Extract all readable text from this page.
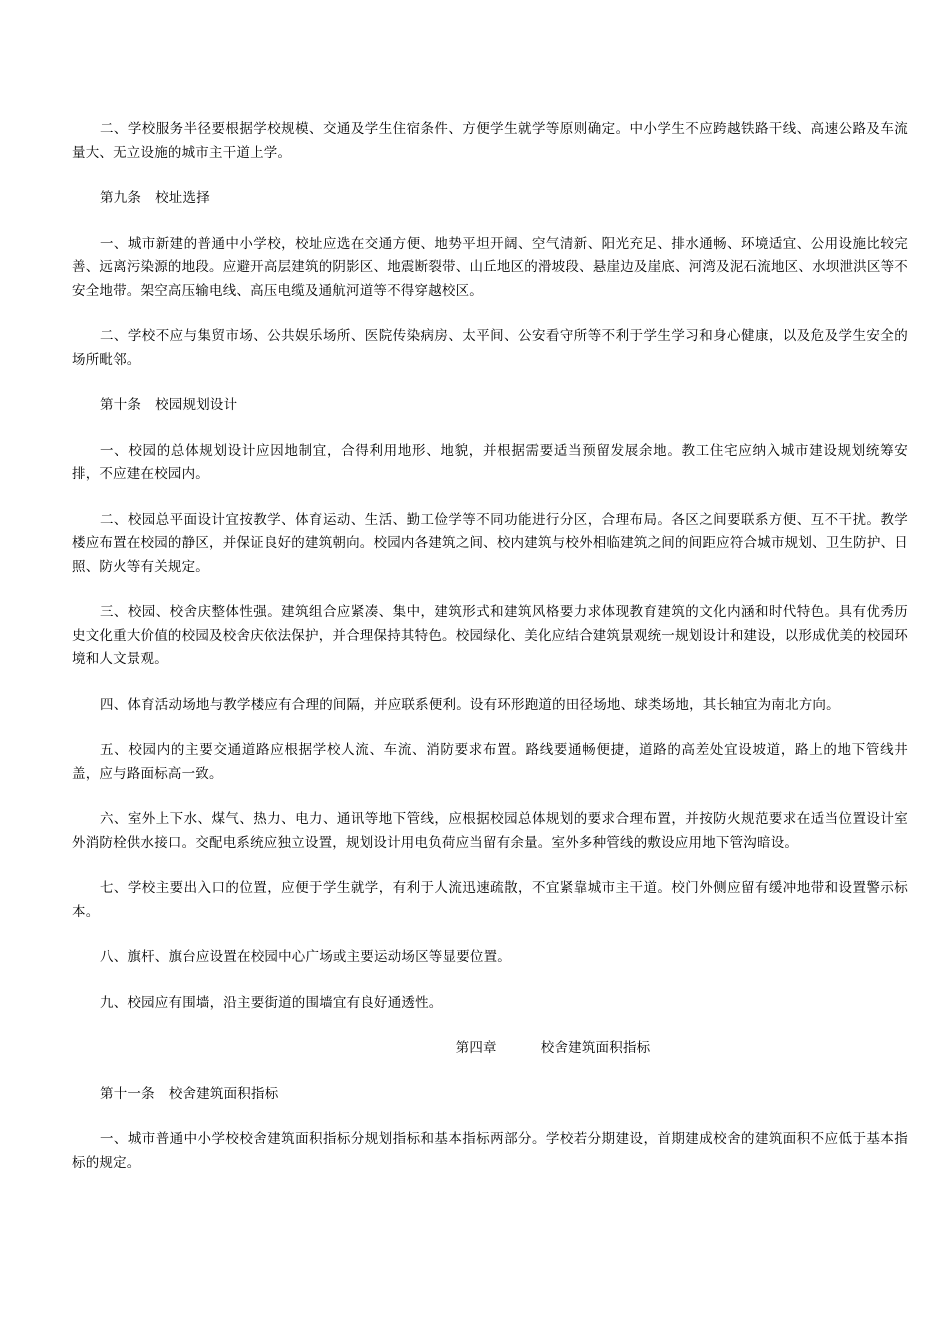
二、学校服务半径要根据学校规模、交通及学生住宿条件、方便学生就学等原则确定。中小学生不应跨越铁路干线、高速公路及车流量大、无立设施的城市主干道上学。

第九条 校址选择

一、城市新建的普通中小学校，校址应选在交通方便、地势平坦开阔、空气清新、阳光充足、排水通畅、环境适宜、公用设施比较完善、远离污染源的地段。应避开高层建筑的阴影区、地震断裂带、山丘地区的滑坡段、悬崖边及崖底、河湾及泥石流地区、水坝泄洪区等不安全地带。架空高压输电线、高压电缆及通航河道等不得穿越校区。

二、学校不应与集贸市场、公共娱乐场所、医院传染病房、太平间、公安看守所等不利于学生学习和身心健康，以及危及学生安全的场所毗邻。

第十条 校园规划设计

一、校园的总体规划设计应因地制宜，合得利用地形、地貌，并根据需要适当预留发展余地。教工住宅应纳入城市建设规划统筹安排，不应建在校园内。

二、校园总平面设计宜按教学、体育运动、生活、勤工俭学等不同功能进行分区，合理布局。各区之间要联系方便、互不干扰。教学楼应布置在校园的静区，并保证良好的建筑朝向。校园内各建筑之间、校内建筑与校外相临建筑之间的间距应符合城市规划、卫生防护、日照、防火等有关规定。

三、校园、校舍庆整体性强。建筑组合应紧凑、集中，建筑形式和建筑风格要力求体现教育建筑的文化内涵和时代特色。具有优秀历史文化重大价值的校园及校舍庆依法保护，并合理保持其特色。校园绿化、美化应结合建筑景观统一规划设计和建设，以形成优美的校园环境和人文景观。

四、体育活动场地与教学楼应有合理的间隔，并应联系便利。设有环形跑道的田径场地、球类场地，其长轴宜为南北方向。

五、校园内的主要交通道路应根据学校人流、车流、消防要求布置。路线要通畅便捷，道路的高差处宜设坡道，路上的地下管线井盖，应与路面标高一致。

六、室外上下水、煤气、热力、电力、通讯等地下管线，应根据校园总体规划的要求合理布置，并按防火规范要求在适当位置设计室外消防栓供水接口。交配电系统应独立设置，规划设计用电负荷应当留有余量。室外多种管线的敷设应用地下管沟暗设。

七、学校主要出入口的位置，应便于学生就学，有利于人流迅速疏散，不宜紧靠城市主干道。校门外侧应留有缓冲地带和设置警示标本。

八、旗杆、旗台应设置在校园中心广场或主要运动场区等显要位置。

九、校园应有围墙，沿主要街道的围墙宜有良好通透性。

第四章	校舍建筑面积指标

第十一条 校舍建筑面积指标

一、城市普通中小学校校舍建筑面积指标分规划指标和基本指标两部分。学校若分期建设，首期建成校舍的建筑面积不应低于基本指标的规定。
